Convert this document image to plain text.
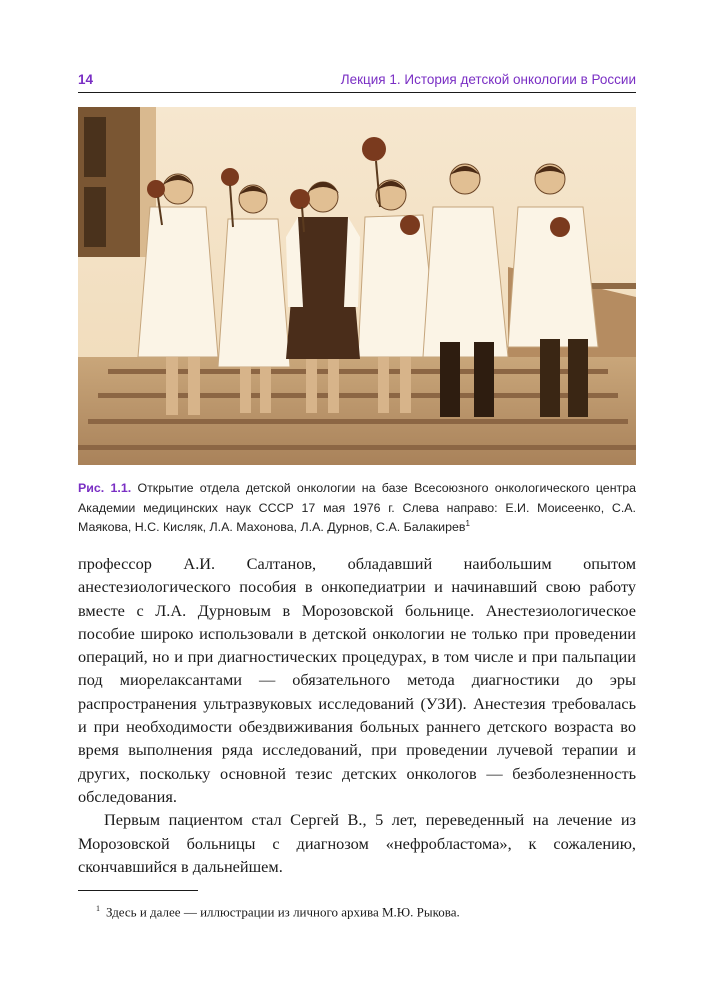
14	Лекция 1. История детской онкологии в России
Рис. 1.1. Открытие отдела детской онкологии на базе Всесоюзного онкологического центра Академии медицинских наук СССР 17 мая 1976 г. Слева направо: Е.И. Моисеенко, С.А. Маякова, Н.С. Кисляк, Л.А. Махонова, Л.А. Дурнов, С.А. Балакирев$^1$

профессор А.И. Салтанов, обладавший наибольшим опытом анестезиологического пособия в онкопедиатрии и начинавший свою работу вместе с Л.А. Дурновым в Морозовской больнице. Анестезиологическое пособие широко использовали в детской онкологии не только при проведении операций, но и при диагностических процедурах, в том числе и при пальпации под миорелаксантами — обязательного метода диагностики до эры распространения ультразвуковых исследований (УЗИ). Анестезия требовалась и при необходимости обездвиживания больных раннего детского возраста во время выполнения ряда исследований, при проведении лучевой терапии и других, поскольку основной тезис детских онкологов — безболезненность обследования.

Первым пациентом стал Сергей В., 5 лет, переведенный на лечение из Морозовской больницы с диагнозом «нефробластома», к сожалению, скончавшийся в дальнейшем.

$^1$ Здесь и далее — иллюстрации из личного архива М.Ю. Рыкова.
